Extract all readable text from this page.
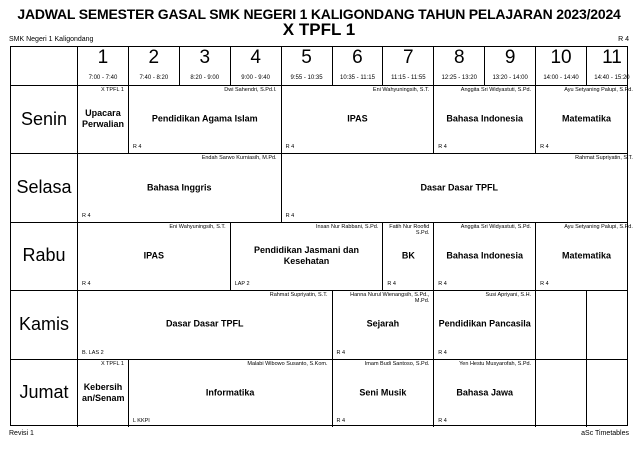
JADWAL SEMESTER GASAL SMK NEGERI 1 KALIGONDANG TAHUN PELAJARAN 2023/2024
X TPFL 1
SMK Negeri 1 Kaligondang	R 4
1
7:00 - 7:40
2
7:40 - 8:20
3
8:20 - 9:00
4
9:00 - 9:40
5
9:55 - 10:35
6
10:35 - 11:15
7
11:15 - 11:55
8
12:25 - 13:20
9
13:20 - 14:00
10
14:00 - 14:40
11
14:40 - 15:20
Senin
X TPFL 1
Upacara Perwalian
Dwi Sahendri, S.Pd.I.
Pendidikan Agama Islam
R 4
Eni Wahyuningsih, S.T.
IPAS
R 4
Anggita Sri Widyastuti, S.Pd.
Bahasa Indonesia
R 4
Ayu Setyaning Palupi, S.Pd.
Matematika
R 4
Selasa
Endah Sarwo Kurniasih, M.Pd.
Bahasa Inggris
R 4
Rahmat Supriyatin, S.T.
Dasar Dasar TPFL
R 4
Rabu
Eni Wahyuningsih, S.T.
IPAS
R 4
Insan Nur Rabbani, S.Pd.
Pendidikan Jasmani dan Kesehatan
LAP 2
Fatih Nur Roofid S.Pd.
BK
R 4
Anggita Sri Widyastuti, S.Pd.
Bahasa Indonesia
R 4
Ayu Setyaning Palupi, S.Pd.
Matematika
R 4
Kamis
Rahmat Supriyatin, S.T.
Dasar Dasar TPFL
B. LAS 2
Hanna Nurul Wienangsih, S.Pd., M.Pd.
Sejarah
R 4
Susi Apriyani, S.H.
Pendidikan Pancasila
R 4
Jumat
X TPFL 1
Kebersih an/Senam
Malabi Wibowo Susanto, S.Kom.
Informatika
L KKPI
Imam Budi Santoso, S.Pd.
Seni Musik
R 4
Yen Hestu Musyarofah, S.Pd.
Bahasa Jawa
R 4
Revisi 1	aSc Timetables
